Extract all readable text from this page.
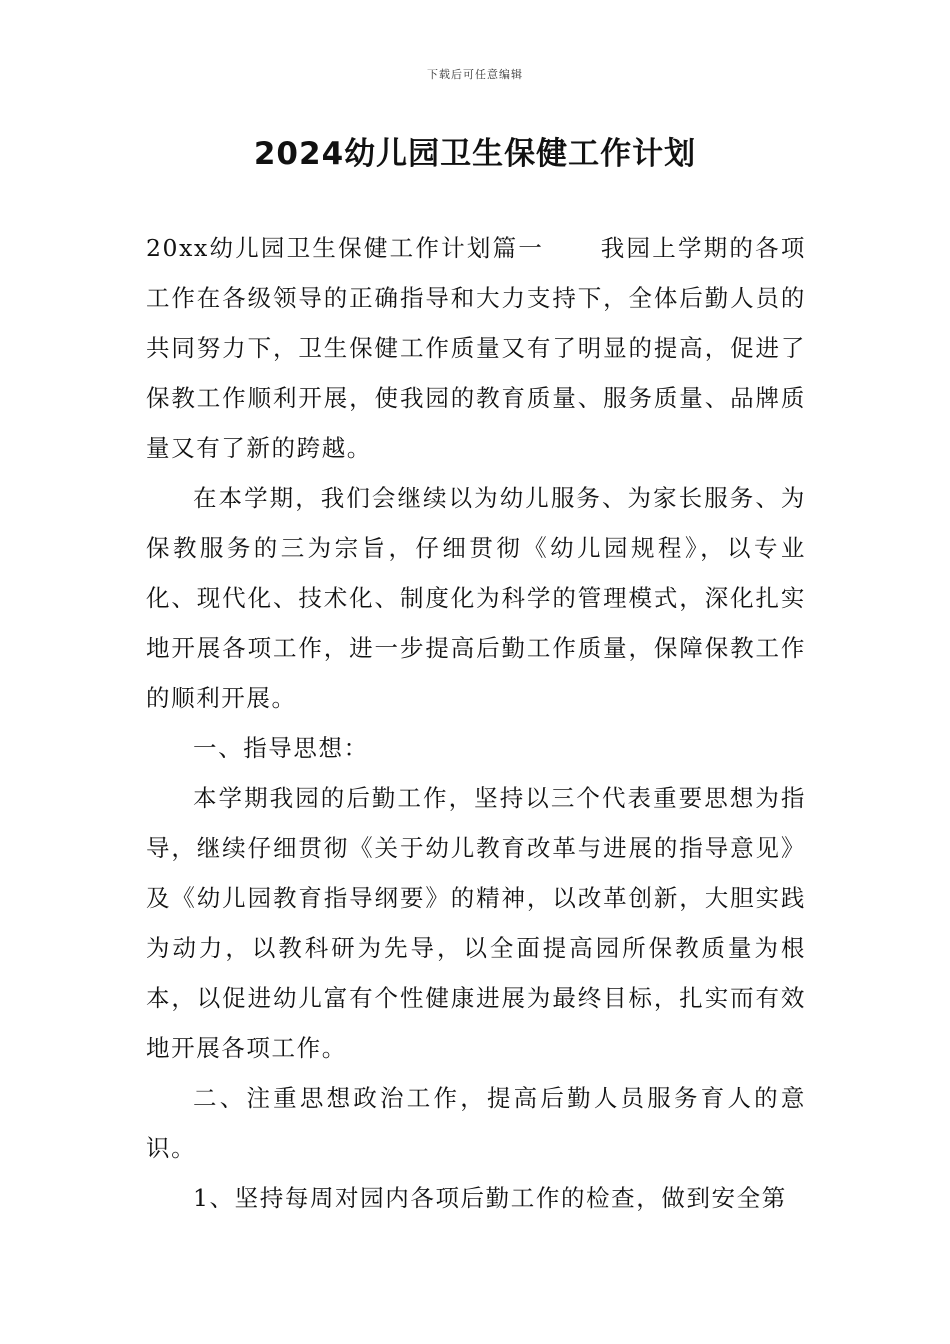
下载后可任意编辑
2024幼儿园卫生保健工作计划

20xx幼儿园卫生保健工作计划篇一 我园上学期的各项工作在各级领导的正确指导和大力支持下，全体后勤人员的共同努力下，卫生保健工作质量又有了明显的提高，促进了保教工作顺利开展，使我园的教育质量、服务质量、品牌质量又有了新的跨越。

在本学期，我们会继续以为幼儿服务、为家长服务、为保教服务的三为宗旨，仔细贯彻《幼儿园规程》，以专业化、现代化、技术化、制度化为科学的管理模式，深化扎实地开展各项工作，进一步提高后勤工作质量，保障保教工作的顺利开展。

一、指导思想：

本学期我园的后勤工作，坚持以三个代表重要思想为指导，继续仔细贯彻《关于幼儿教育改革与进展的指导意见》及《幼儿园教育指导纲要》的精神，以改革创新，大胆实践为动力，以教科研为先导，以全面提高园所保教质量为根本，以促进幼儿富有个性健康进展为最终目标，扎实而有效地开展各项工作。

二、注重思想政治工作，提高后勤人员服务育人的意识。

1、坚持每周对园内各项后勤工作的检查，做到安全第
